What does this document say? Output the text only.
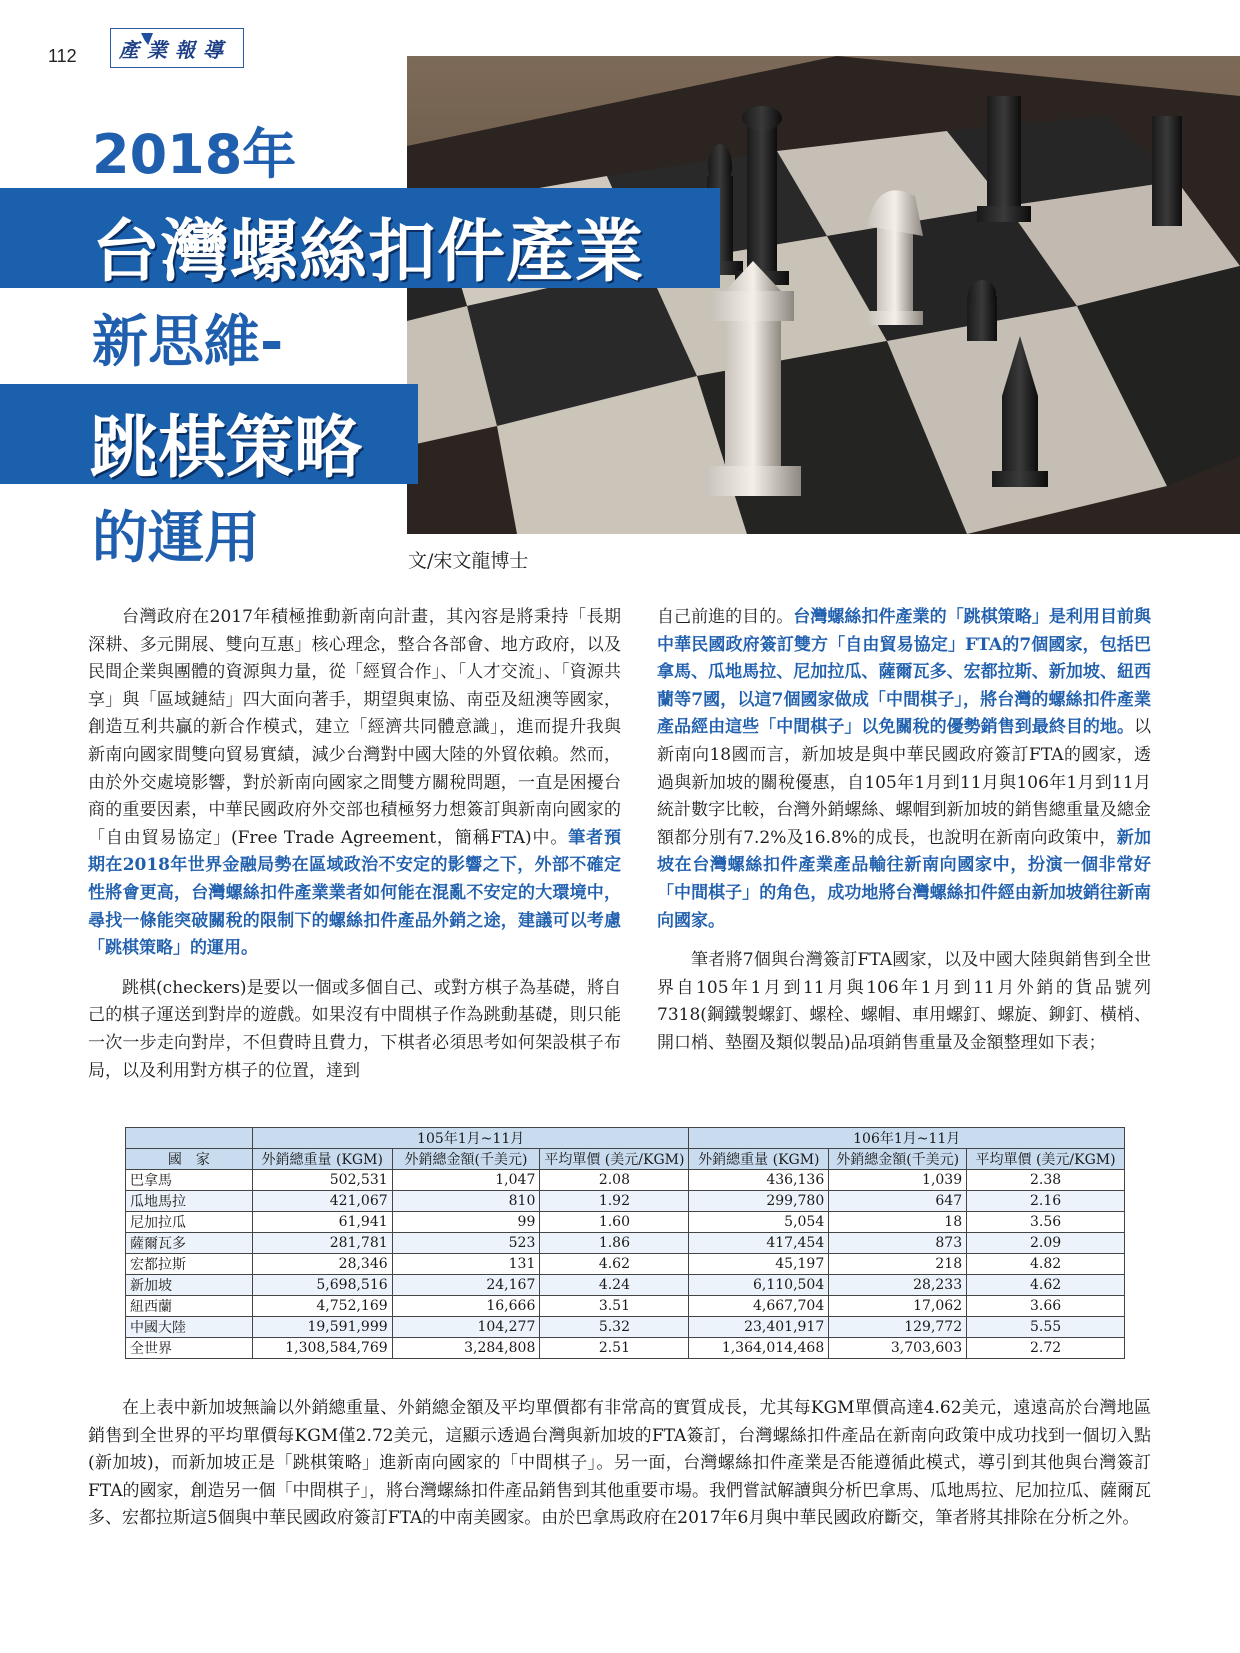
112 產業報導
2018年
台灣螺絲扣件產業
新思維-
跳棋策略
的運用	文/宋文龍博士

台灣政府在2017年積極推動新南向計畫，其內容是將秉持「長期深耕、多元開展、雙向互惠」核心理念，整合各部會、地方政府，以及民間企業與團體的資源與力量，從「經貿合作」、「人才交流」、「資源共享」與「區域鏈結」四大面向著手，期望與東協、南亞及紐澳等國家，創造互利共贏的新合作模式，建立「經濟共同體意識」，進而提升我與新南向國家間雙向貿易實績，減少台灣對中國大陸的外貿依賴。然而，由於外交處境影響，對於新南向國家之間雙方關稅問題，一直是困擾台商的重要因素，中華民國政府外交部也積極努力想簽訂與新南向國家的「自由貿易協定」(Free Trade Agreement，簡稱FTA)中。筆者預期在2018年世界金融局勢在區域政治不安定的影響之下，外部不確定性將會更高，台灣螺絲扣件產業業者如何能在混亂不安定的大環境中，尋找一條能突破關稅的限制下的螺絲扣件產品外銷之途，建議可以考慮「跳棋策略」的運用。

跳棋(checkers)是要以一個或多個自己、或對方棋子為基礎，將自己的棋子運送到對岸的遊戲。如果沒有中間棋子作為跳動基礎，則只能一次一步走向對岸，不但費時且費力，下棋者必須思考如何架設棋子布局，以及利用對方棋子的位置，達到

自己前進的目的。台灣螺絲扣件產業的「跳棋策略」是利用目前與中華民國政府簽訂雙方「自由貿易協定」FTA的7個國家，包括巴拿馬、瓜地馬拉、尼加拉瓜、薩爾瓦多、宏都拉斯、新加坡、紐西蘭等7國，以這7個國家做成「中間棋子」，將台灣的螺絲扣件產業產品經由這些「中間棋子」以免關稅的優勢銷售到最終目的地。以新南向18國而言，新加坡是與中華民國政府簽訂FTA的國家，透過與新加坡的關稅優惠，自105年1月到11月與106年1月到11月統計數字比較，台灣外銷螺絲、螺帽到新加坡的銷售總重量及總金額都分別有7.2%及16.8%的成長，也說明在新南向政策中，新加坡在台灣螺絲扣件產業產品輸往新南向國家中，扮演一個非常好「中間棋子」的角色，成功地將台灣螺絲扣件經由新加坡銷往新南向國家。

筆者將7個與台灣簽訂FTA國家，以及中國大陸與銷售到全世界自105年1月到11月與106年1月到11月外銷的貨品號列7318(鋼鐵製螺釘、螺栓、螺帽、車用螺釘、螺旋、鉚釘、橫梢、開口梢、墊圈及類似製品)品項銷售重量及金額整理如下表；

	105年1月~11月			106年1月~11月		
國　家	外銷總重量 (KGM)	外銷總金額(千美元)	平均單價 (美元/KGM)	外銷總重量 (KGM)	外銷總金額(千美元)	平均單價 (美元/KGM)
巴拿馬	502,531	1,047	2.08	436,136	1,039	2.38
瓜地馬拉	421,067	810	1.92	299,780	647	2.16
尼加拉瓜	61,941	99	1.60	5,054	18	3.56
薩爾瓦多	281,781	523	1.86	417,454	873	2.09
宏都拉斯	28,346	131	4.62	45,197	218	4.82
新加坡	5,698,516	24,167	4.24	6,110,504	28,233	4.62
紐西蘭	4,752,169	16,666	3.51	4,667,704	17,062	3.66
中國大陸	19,591,999	104,277	5.32	23,401,917	129,772	5.55
全世界	1,308,584,769	3,284,808	2.51	1,364,014,468	3,703,603	2.72

在上表中新加坡無論以外銷總重量、外銷總金額及平均單價都有非常高的實質成長，尤其每KGM單價高達4.62美元，遠遠高於台灣地區銷售到全世界的平均單價每KGM僅2.72美元，這顯示透過台灣與新加坡的FTA簽訂，台灣螺絲扣件產品在新南向政策中成功找到一個切入點(新加坡)，而新加坡正是「跳棋策略」進新南向國家的「中間棋子」。另一面，台灣螺絲扣件產業是否能遵循此模式，導引到其他與台灣簽訂FTA的國家，創造另一個「中間棋子」，將台灣螺絲扣件產品銷售到其他重要市場。我們嘗試解讀與分析巴拿馬、瓜地馬拉、尼加拉瓜、薩爾瓦多、宏都拉斯這5個與中華民國政府簽訂FTA的中南美國家。由於巴拿馬政府在2017年6月與中華民國政府斷交，筆者將其排除在分析之外。
